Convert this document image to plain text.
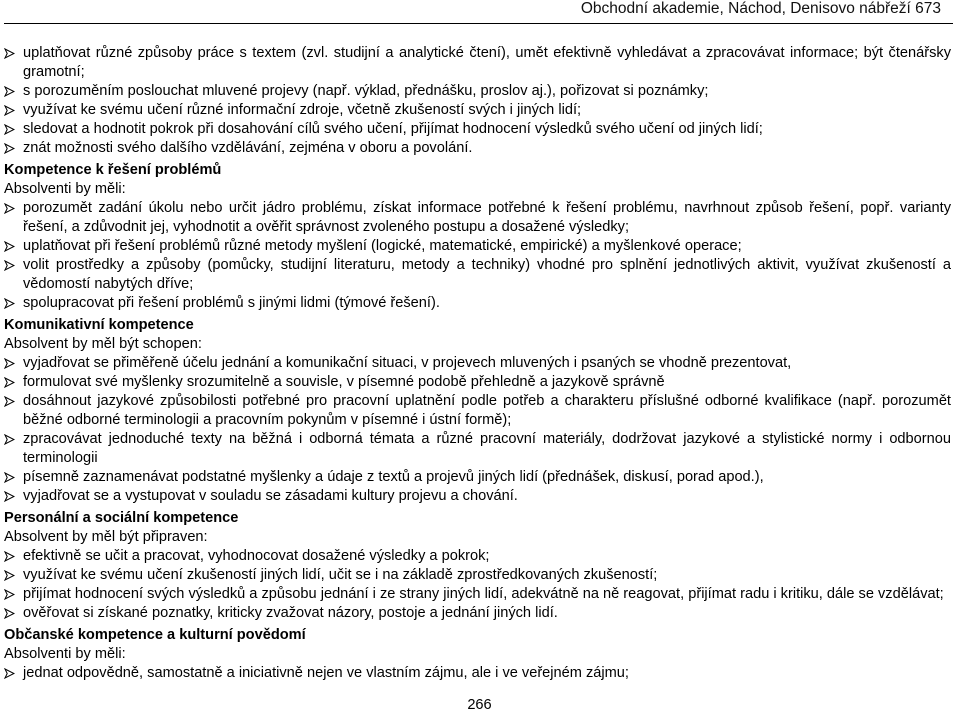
Obchodní akademie, Náchod, Denisovo nábřeží 673
uplatňovat různé způsoby práce s textem (zvl. studijní a analytické čtení), umět efektivně vyhledávat a zpracovávat informace; být čtenářsky gramotní;
s porozuměním poslouchat mluvené projevy (např. výklad, přednášku, proslov aj.), pořizovat si poznámky;
využívat ke svému učení různé informační zdroje, včetně zkušeností svých i jiných lidí;
sledovat a hodnotit pokrok při dosahování cílů svého učení, přijímat hodnocení výsledků svého učení od jiných lidí;
znát možnosti svého dalšího vzdělávání, zejména v oboru a povolání.
Kompetence k řešení problémů
Absolventi by měli:
porozumět zadání úkolu nebo určit jádro problému, získat informace potřebné k řešení problému, navrhnout způsob řešení, popř. varianty řešení, a zdůvodnit jej, vyhodnotit a ověřit správnost zvoleného postupu a dosažené výsledky;
uplatňovat při řešení problémů různé metody myšlení (logické, matematické, empirické) a myšlenkové operace;
volit prostředky a způsoby (pomůcky, studijní literaturu, metody a techniky) vhodné pro splnění jednotlivých aktivit, využívat zkušeností a vědomostí nabytých dříve;
spolupracovat při řešení problémů s jinými lidmi (týmové řešení).
Komunikativní kompetence
Absolvent by měl být schopen:
vyjadřovat se přiměřeně účelu jednání a komunikační situaci, v projevech mluvených i psaných se vhodně prezentovat,
formulovat své myšlenky srozumitelně a souvisle, v písemné podobě přehledně a jazykově správně
dosáhnout jazykové způsobilosti potřebné pro pracovní uplatnění podle potřeb a charakteru příslušné odborné kvalifikace (např. porozumět běžné odborné terminologii a pracovním pokynům v písemné i ústní formě);
zpracovávat jednoduché texty na běžná i odborná témata a různé pracovní materiály, dodržovat jazykové a stylistické normy i odbornou terminologii
písemně zaznamenávat podstatné myšlenky a údaje z textů a projevů jiných lidí (přednášek, diskusí, porad apod.),
vyjadřovat se a vystupovat v souladu se zásadami kultury projevu a chování.
Personální a sociální kompetence
Absolvent by měl být připraven:
efektivně se učit a pracovat, vyhodnocovat dosažené výsledky a pokrok;
využívat ke svému učení zkušeností jiných lidí, učit se i na základě zprostředkovaných zkušeností;
přijímat hodnocení svých výsledků a způsobu jednání i ze strany jiných lidí, adekvátně na ně reagovat, přijímat radu i kritiku, dále se vzdělávat;
ověřovat si získané poznatky, kriticky zvažovat názory, postoje a jednání jiných lidí.
Občanské kompetence a kulturní povědomí
Absolventi by měli:
jednat odpovědně, samostatně a iniciativně nejen ve vlastním zájmu, ale i ve veřejném zájmu;
266
